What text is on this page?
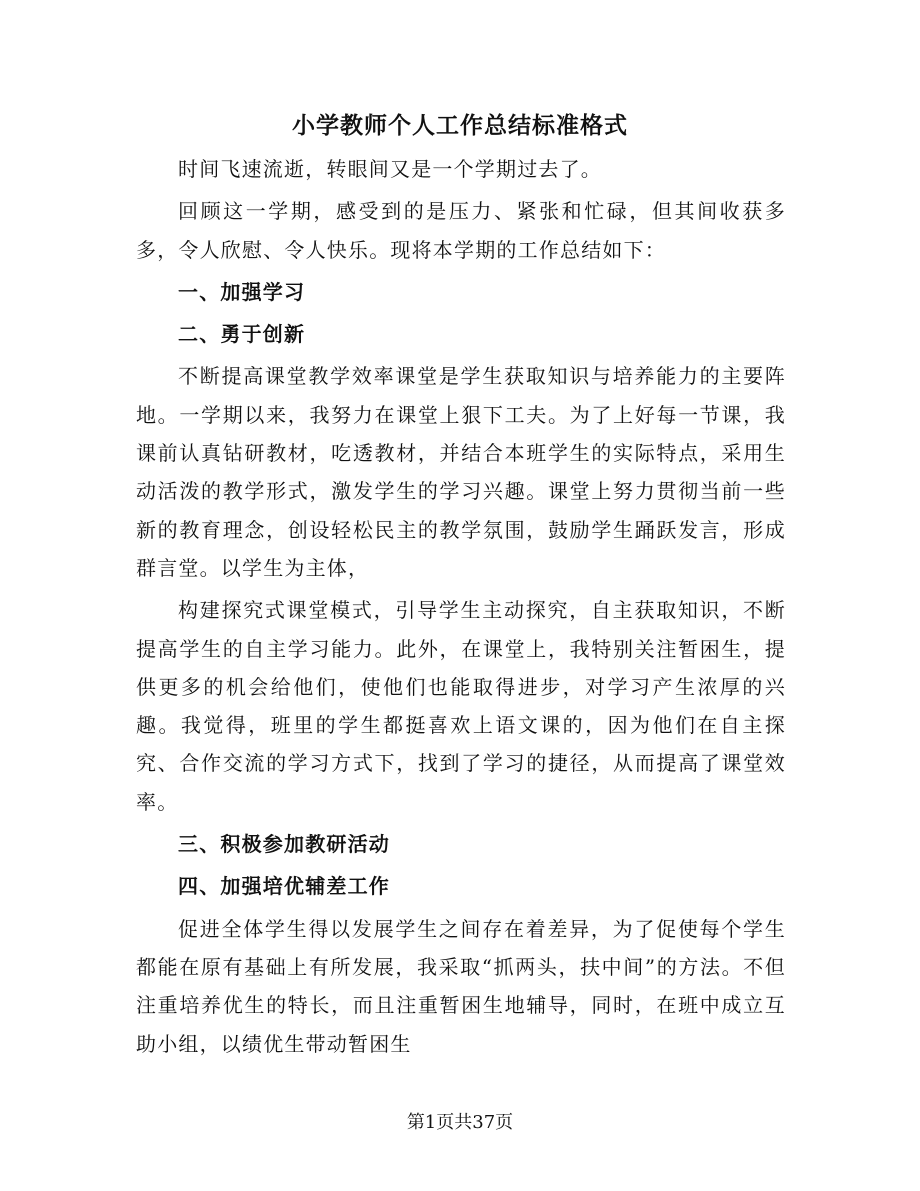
小学教师个人工作总结标准格式

时间飞速流逝，转眼间又是一个学期过去了。

回顾这一学期，感受到的是压力、紧张和忙碌，但其间收获多多，令人欣慰、令人快乐。现将本学期的工作总结如下：

一、加强学习

二、勇于创新

不断提高课堂教学效率课堂是学生获取知识与培养能力的主要阵地。一学期以来，我努力在课堂上狠下工夫。为了上好每一节课，我课前认真钻研教材，吃透教材，并结合本班学生的实际特点，采用生动活泼的教学形式，激发学生的学习兴趣。课堂上努力贯彻当前一些新的教育理念，创设轻松民主的教学氛围，鼓励学生踊跃发言，形成群言堂。以学生为主体，

构建探究式课堂模式，引导学生主动探究，自主获取知识，不断提高学生的自主学习能力。此外，在课堂上，我特别关注暂困生，提供更多的机会给他们，使他们也能取得进步，对学习产生浓厚的兴趣。我觉得，班里的学生都挺喜欢上语文课的，因为他们在自主探究、合作交流的学习方式下，找到了学习的捷径，从而提高了课堂效率。

三、积极参加教研活动

四、加强培优辅差工作

促进全体学生得以发展学生之间存在着差异，为了促使每个学生都能在原有基础上有所发展，我采取“抓两头，扶中间”的方法。不但注重培养优生的特长，而且注重暂困生地辅导，同时，在班中成立互助小组，以绩优生带动暂困生

第1页共37页
